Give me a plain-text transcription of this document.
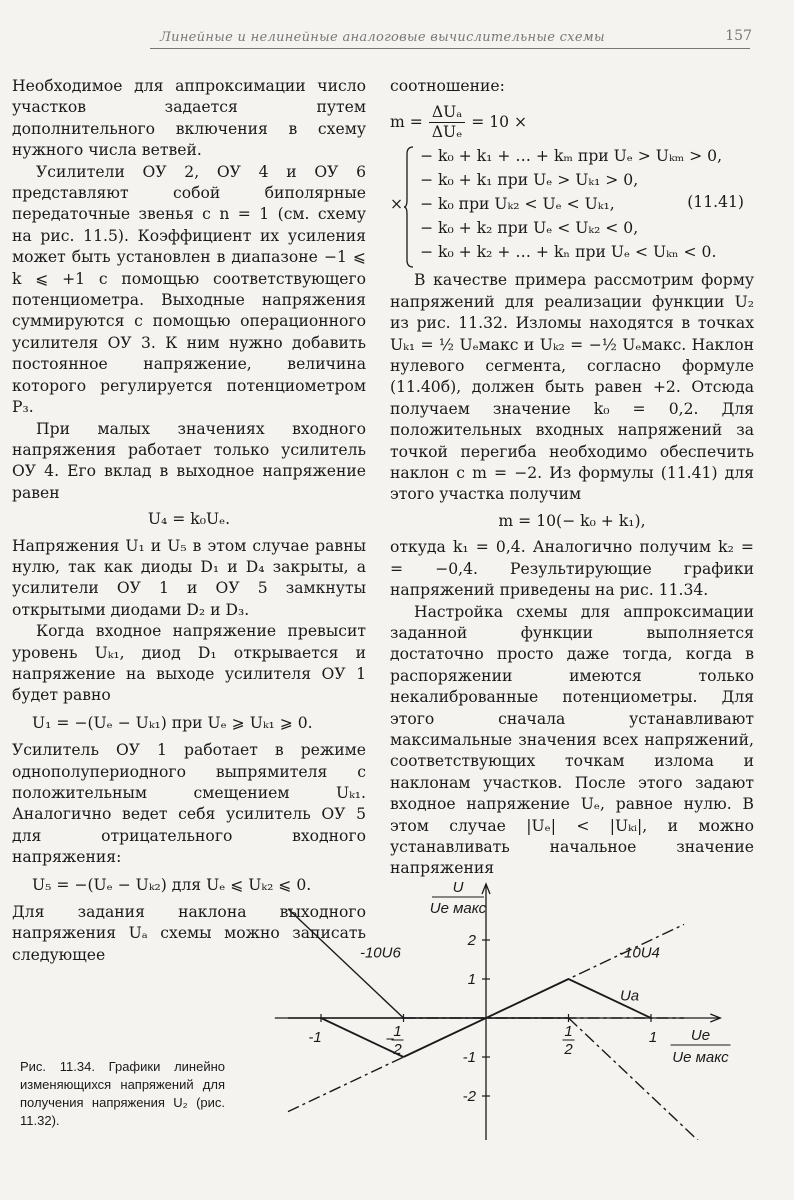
Линейные и нелинейные аналоговые вычислительные схемы	157

Необходимое для аппроксимации число участков задается путем дополнительного включения в схему нужного числа ветвей.

Усилители ОУ 2, ОУ 4 и ОУ 6 представляют собой биполярные передаточные звенья с n = 1 (см. схему на рис. 11.5). Коэффициент их усиления может быть установлен в диапазоне −1 ⩽ k ⩽ +1 с помощью соответствующего потенциометра. Выходные напряжения суммируются с помощью операционного усилителя ОУ 3. К ним нужно добавить постоянное напряжение, величина которого регулируется потенциометром P₃.

При малых значениях входного напряжения работает только усилитель ОУ 4. Его вклад в выходное напряжение равен

U₄ = k₀Uₑ.

Напряжения U₁ и U₅ в этом случае равны нулю, так как диоды D₁ и D₄ закрыты, а усилители ОУ 1 и ОУ 5 замкнуты открытыми диодами D₂ и D₃.

Когда входное напряжение превысит уровень Uₖ₁, диод D₁ открывается и напряжение на выходе усилителя ОУ 1 будет равно

U₁ = −(Uₑ − Uₖ₁) при Uₑ ⩾ Uₖ₁ ⩾ 0.

Усилитель ОУ 1 работает в режиме однополупериодного выпрямителя с положительным смещением Uₖ₁. Аналогично ведет себя усилитель ОУ 5 для отрицательного входного напряжения:

U₅ = −(Uₑ − Uₖ₂) для Uₑ ⩽ Uₖ₂ ⩽ 0.

Для задания наклона выходного напряжения Uₐ схемы можно записать следующее

соотношение:

m =
ΔUₐ
ΔUₑ
= 10 ×
×
− k₀ + k₁ + … + kₘ при Uₑ > Uₖₘ > 0,
− k₀ + k₁ при Uₑ > Uₖ₁ > 0,
− k₀ при Uₖ₂ < Uₑ < Uₖ₁,
− k₀ + k₂ при Uₑ < Uₖ₂ < 0,
− k₀ + k₂ + … + kₙ при Uₑ < Uₖₙ < 0.
(11.41)

В качестве примера рассмотрим форму напряжений для реализации функции U₂ из рис. 11.32. Изломы находятся в точках Uₖ₁ = ½ Uₑмакс и Uₖ₂ = −½ Uₑмакс. Наклон нулевого сегмента, согласно формуле (11.40б), должен быть равен +2. Отсюда получаем значение k₀ = 0,2. Для положительных входных напряжений за точкой перегиба необходимо обеспечить наклон с m = −2. Из формулы (11.41) для этого участка получим

m = 10(− k₀ + k₁),

откуда k₁ = 0,4. Аналогично получим k₂ = = −0,4. Результирующие графики напряжений приведены на рис. 11.34.

Настройка схемы для аппроксимации заданной функции выполняется достаточно просто даже тогда, когда в распоряжении имеются только некалиброванные потенциометры. Для этого сначала устанавливают максимальные значения всех напряжений, соответствующих точкам излома и наклонам участков. После этого задают входное напряжение Uₑ, равное нулю. В этом случае |Uₑ| < |Uₖᵢ|, и можно устанавливать начальное значение напряжения

-1	− 1
2
1
2
1
2
1
-1
-2
U
Ue макс
Ue
Ue макс
Ua
-10U6	-10U4
Рис. 11.34. Графики линейно изменяющихся напряжений для получения напряжения U₂ (рис. 11.32).
